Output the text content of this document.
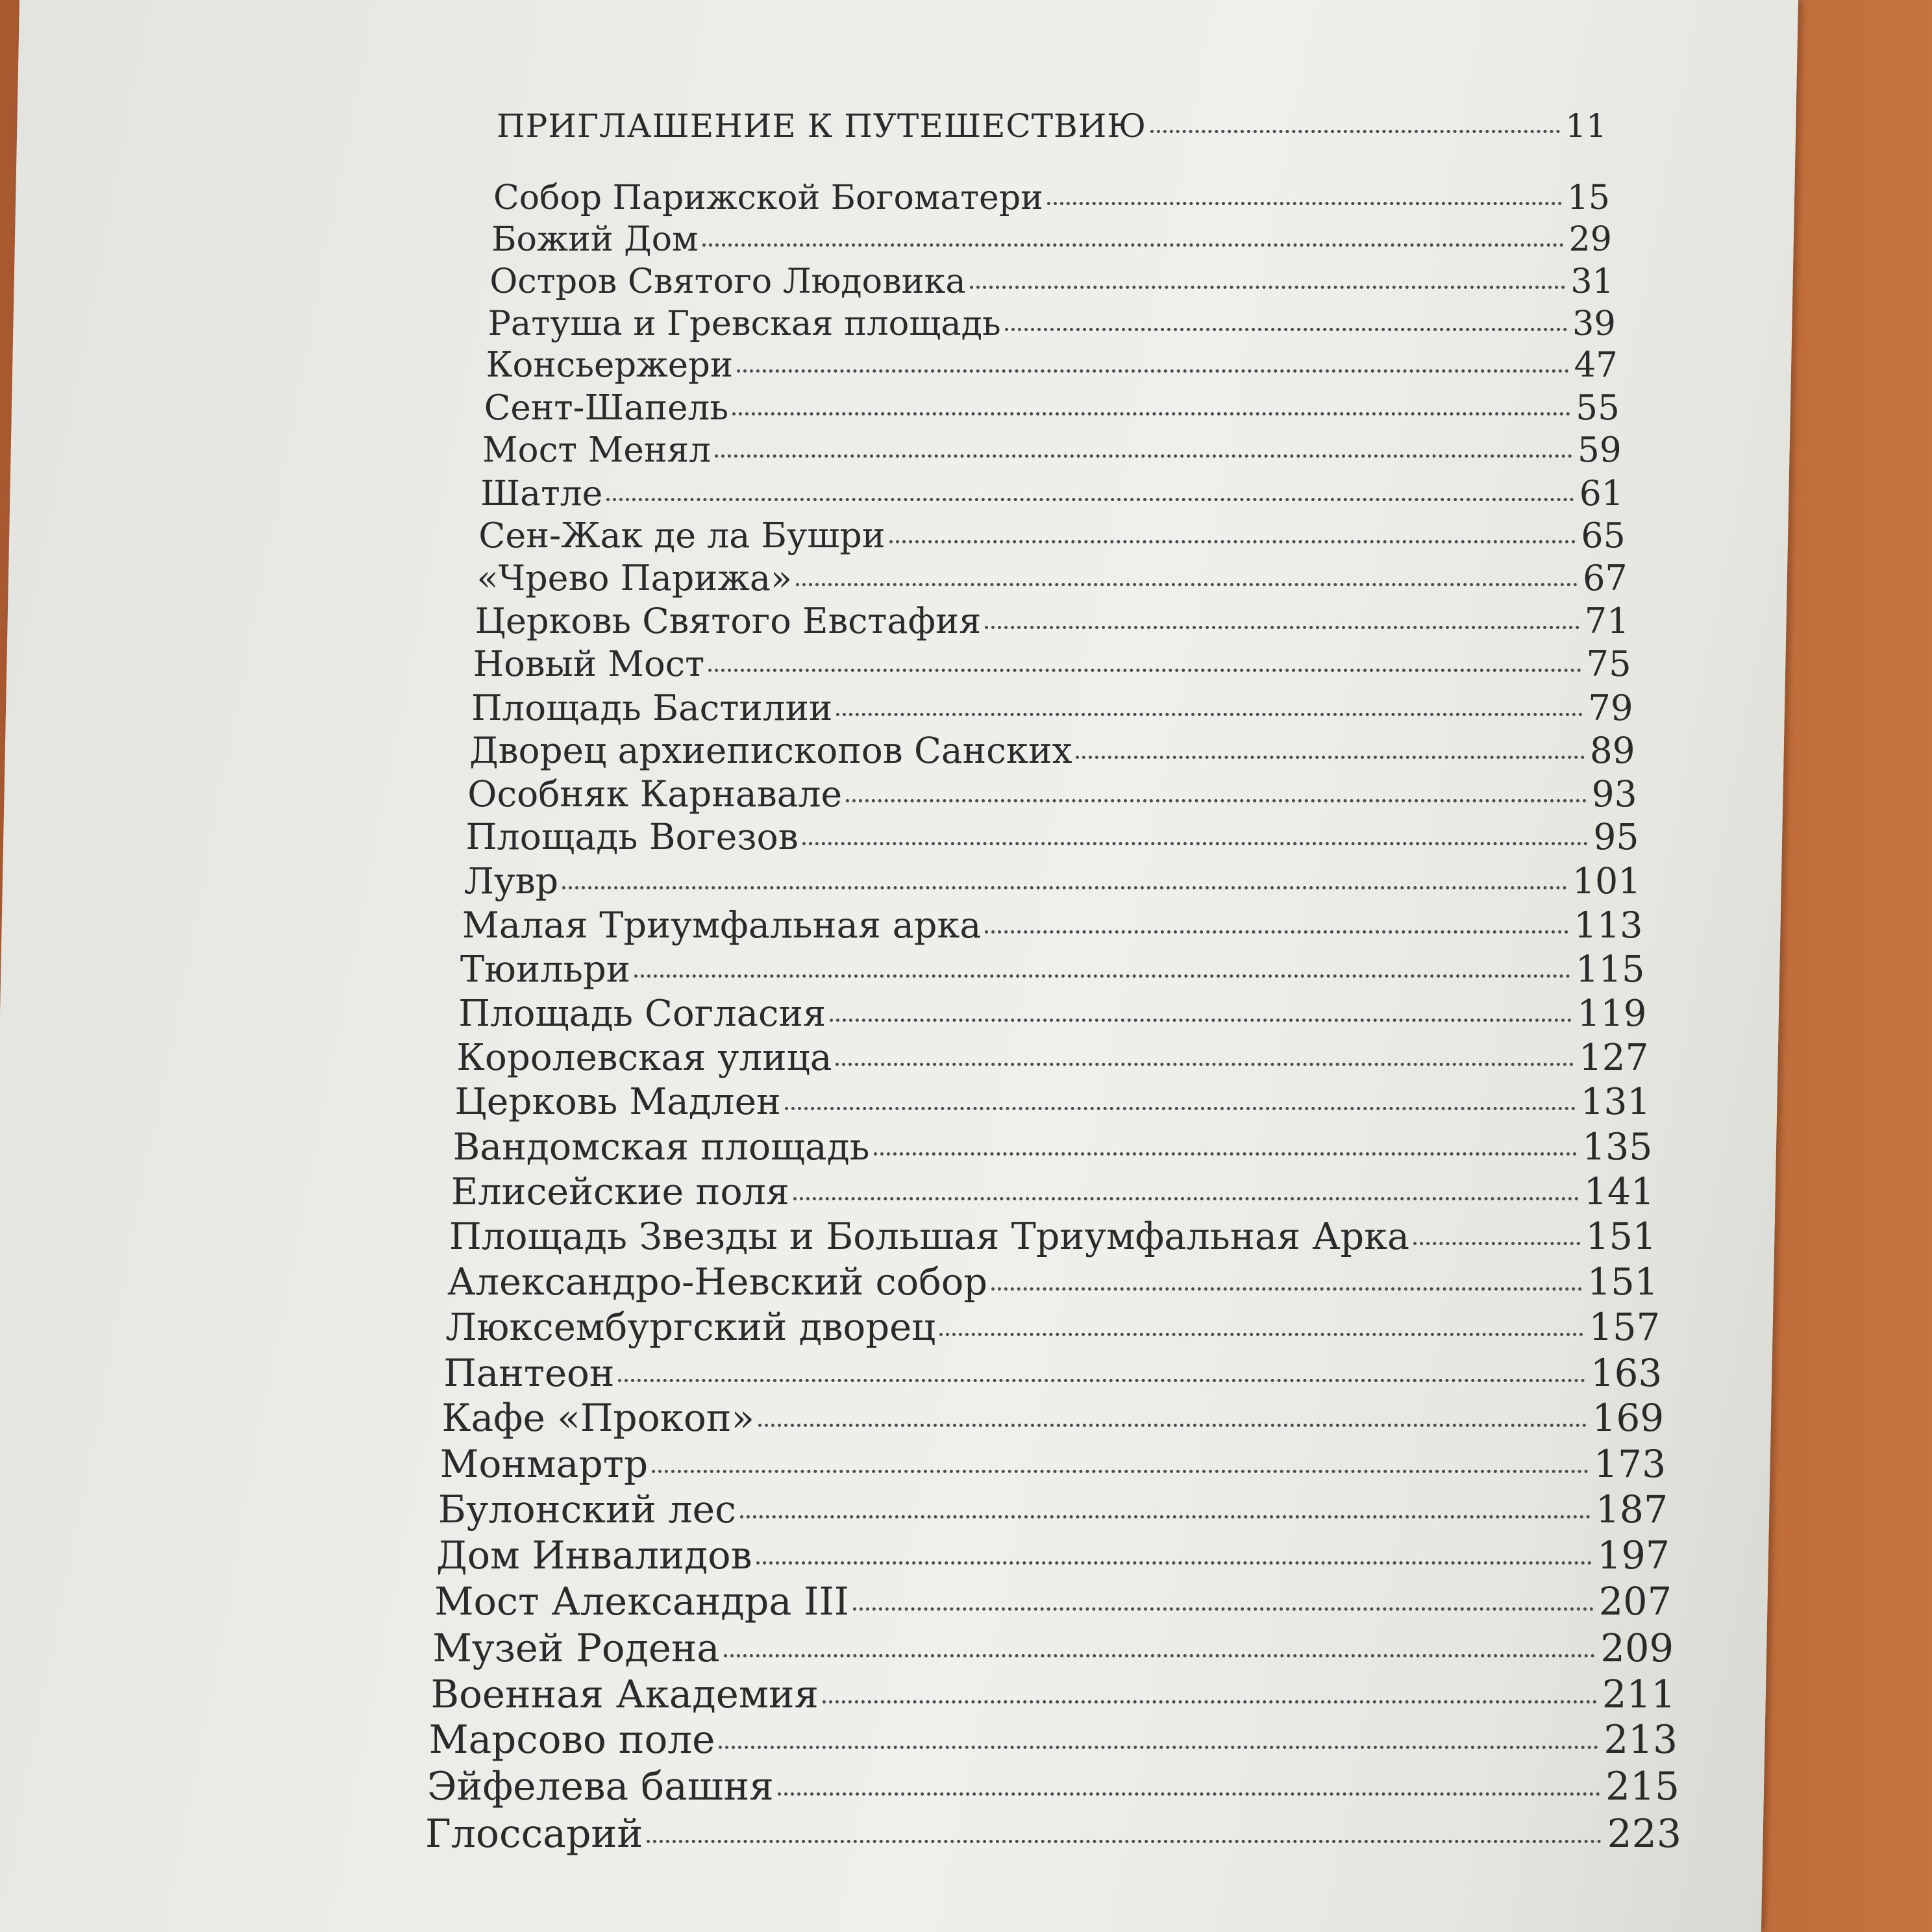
ПРИГЛАШЕНИЕ К ПУТЕШЕСТВИЮ	11
Собор Парижской Богоматери	15
Божий Дом	29
Остров Святого Людовика	31
Ратуша и Гревская площадь	39
Консьержери	47
Сент-Шапель	55
Мост Менял	59
Шатле	61
Сен-Жак де ла Бушри	65
«Чрево Парижа»	67
Церковь Святого Евстафия	71
Новый Мост	75
Площадь Бастилии	79
Дворец архиепископов Санских	89
Особняк Карнавале	93
Площадь Вогезов	95
Лувр	101
Малая Триумфальная арка	113
Тюильри	115
Площадь Согласия	119
Королевская улица	127
Церковь Мадлен	131
Вандомская площадь	135
Елисейские поля	141
Площадь Звезды и Большая Триумфальная Арка	151
Александро-Невский собор	151
Люксембургский дворец	157
Пантеон	163
Кафе «Прокоп»	169
Монмартр	173
Булонский лес	187
Дом Инвалидов	197
Мост Александра III	207
Музей Родена	209
Военная Академия	211
Марсово поле	213
Эйфелева башня	215
Глоссарий	223
